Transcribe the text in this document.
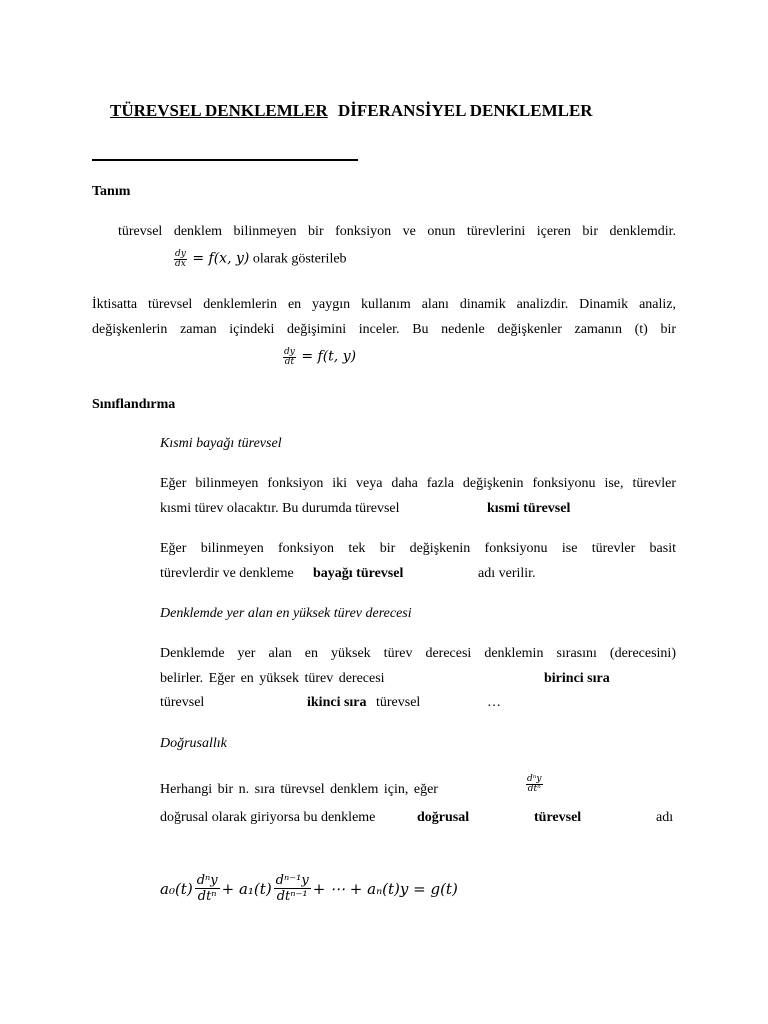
TÜREVSEL DENKLEMLER DİFERANSİYEL DENKLEMLER
Tanım
türevsel denklem bilinmeyen bir fonksiyon ve onun türevlerini içeren bir denklemdir.
$\frac{dy}{dx} = f(x$, y) olarak gösterileb
İktisatta türevsel denklemlerin en yaygın kullanım alanı dinamik analizdir. Dinamik analiz,
değişkenlerin zaman içindeki değişimini inceler. Bu nedenle değişkenler zamanın (t) bir
$\frac{dy}{dt} = f(t$, y)
Sınıflandırma
Kısmi bayağı türevsel
Eğer bilinmeyen fonksiyon iki veya daha fazla değişkenin fonksiyonu ise, türevler
kısmi türev olacaktır. Bu durumda türevsel	kısmi türevsel
Eğer bilinmeyen fonksiyon tek bir değişkenin fonksiyonu ise türevler basit
türevlerdir ve denkleme bayağı türevsel	adı verilir.
Denklemde yer alan en yüksek türev derecesi
Denklemde yer alan en yüksek türev derecesi denklemin sırasını (derecesini)
belirler. Eğer en yüksek türev derecesi	birinci sıra
türevsel	ikinci sıra türevsel	…
Doğrusallık
Herhangi bir n. sıra türevsel denklem için, eğer	$\frac{\text{dⁿy}}{\text{dtⁿ}}$
doğrusal olarak giriyorsa bu denkleme	doğrusal	türevsel	adı
$a_0(t) \frac{\text{dⁿy}}{\text{dtⁿ}} + a_1(t) \frac{\text{dⁿ⁻¹y}}{\text{dtⁿ⁻¹}}$ + ⋯ + aₙ(t)y = g(t)
